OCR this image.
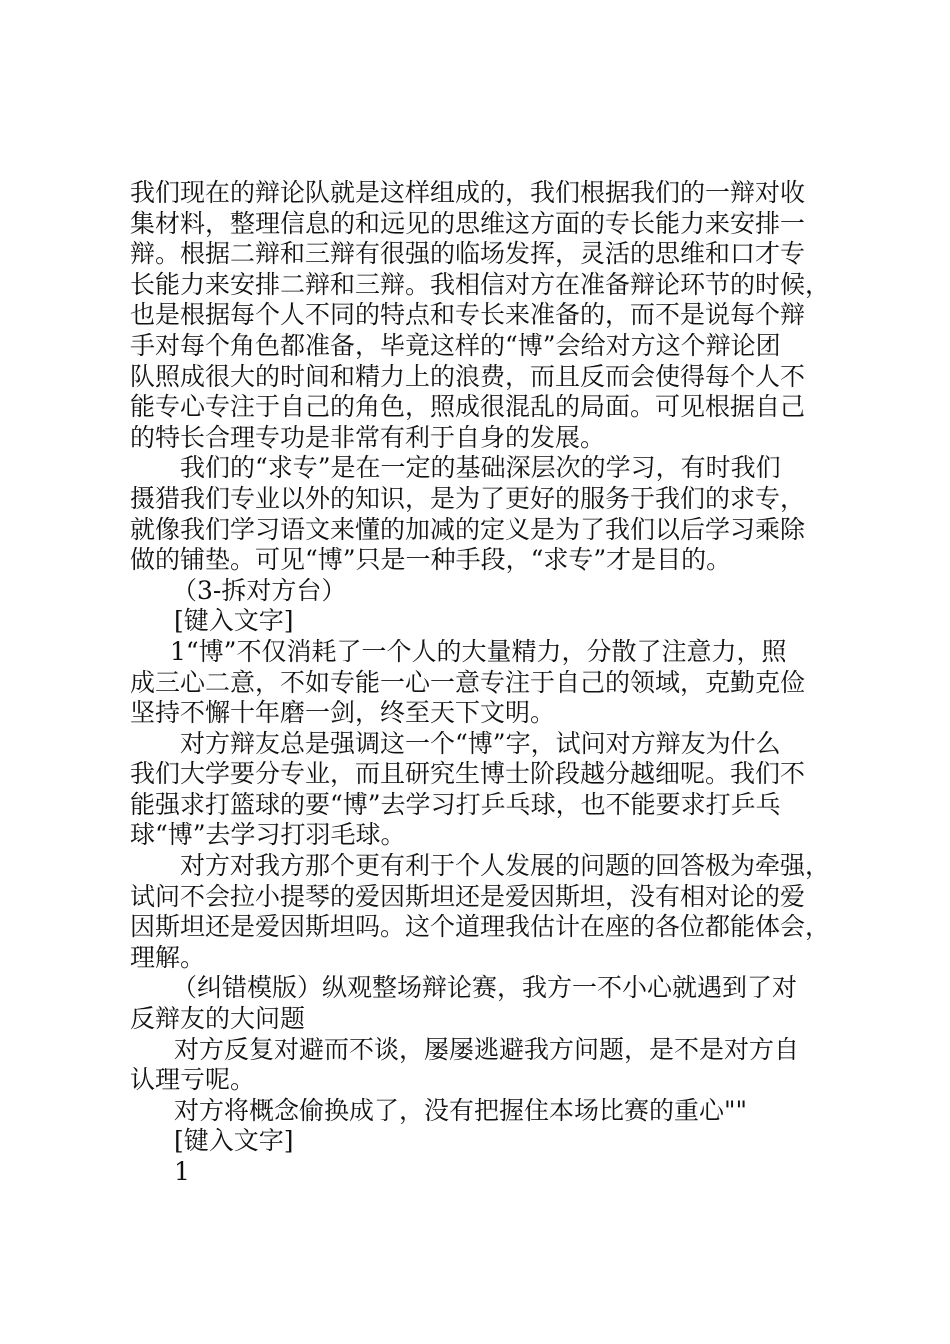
我们现在的辩论队就是这样组成的，我们根据我们的一辩对收
集材料，整理信息的和远见的思维这方面的专长能力来安排一
辩。根据二辩和三辩有很强的临场发挥，灵活的思维和口才专
长能力来安排二辩和三辩。我相信对方在准备辩论环节的时候，
也是根据每个人不同的特点和专长来准备的，而不是说每个辩
手对每个角色都准备，毕竟这样的“博”会给对方这个辩论团
队照成很大的时间和精力上的浪费，而且反而会使得每个人不
能专心专注于自己的角色，照成很混乱的局面。可见根据自己
的特长合理专功是非常有利于自身的发展。
我们的“求专”是在一定的基础深层次的学习，有时我们
摄猎我们专业以外的知识，是为了更好的服务于我们的求专，
就像我们学习语文来懂的加减的定义是为了我们以后学习乘除
做的铺垫。可见“博”只是一种手段，“求专”才是目的。
（3-拆对方台）
[键入文字]
1“博”不仅消耗了一个人的大量精力，分散了注意力，照
成三心二意，不如专能一心一意专注于自己的领域，克勤克俭
坚持不懈十年磨一剑，终至天下文明。
对方辩友总是强调这一个“博”字，试问对方辩友为什么
我们大学要分专业，而且研究生博士阶段越分越细呢。我们不
能强求打篮球的要“博”去学习打乒乓球，也不能要求打乒乓
球“博”去学习打羽毛球。
对方对我方那个更有利于个人发展的问题的回答极为牵强，
试问不会拉小提琴的爱因斯坦还是爱因斯坦，没有相对论的爱
因斯坦还是爱因斯坦吗。这个道理我估计在座的各位都能体会，
理解。
（纠错模版）纵观整场辩论赛，我方一不小心就遇到了对
反辩友的大问题
对方反复对避而不谈，屡屡逃避我方问题，是不是对方自
认理亏呢。
对方将概念偷换成了，没有把握住本场比赛的重心""
[键入文字]
1
